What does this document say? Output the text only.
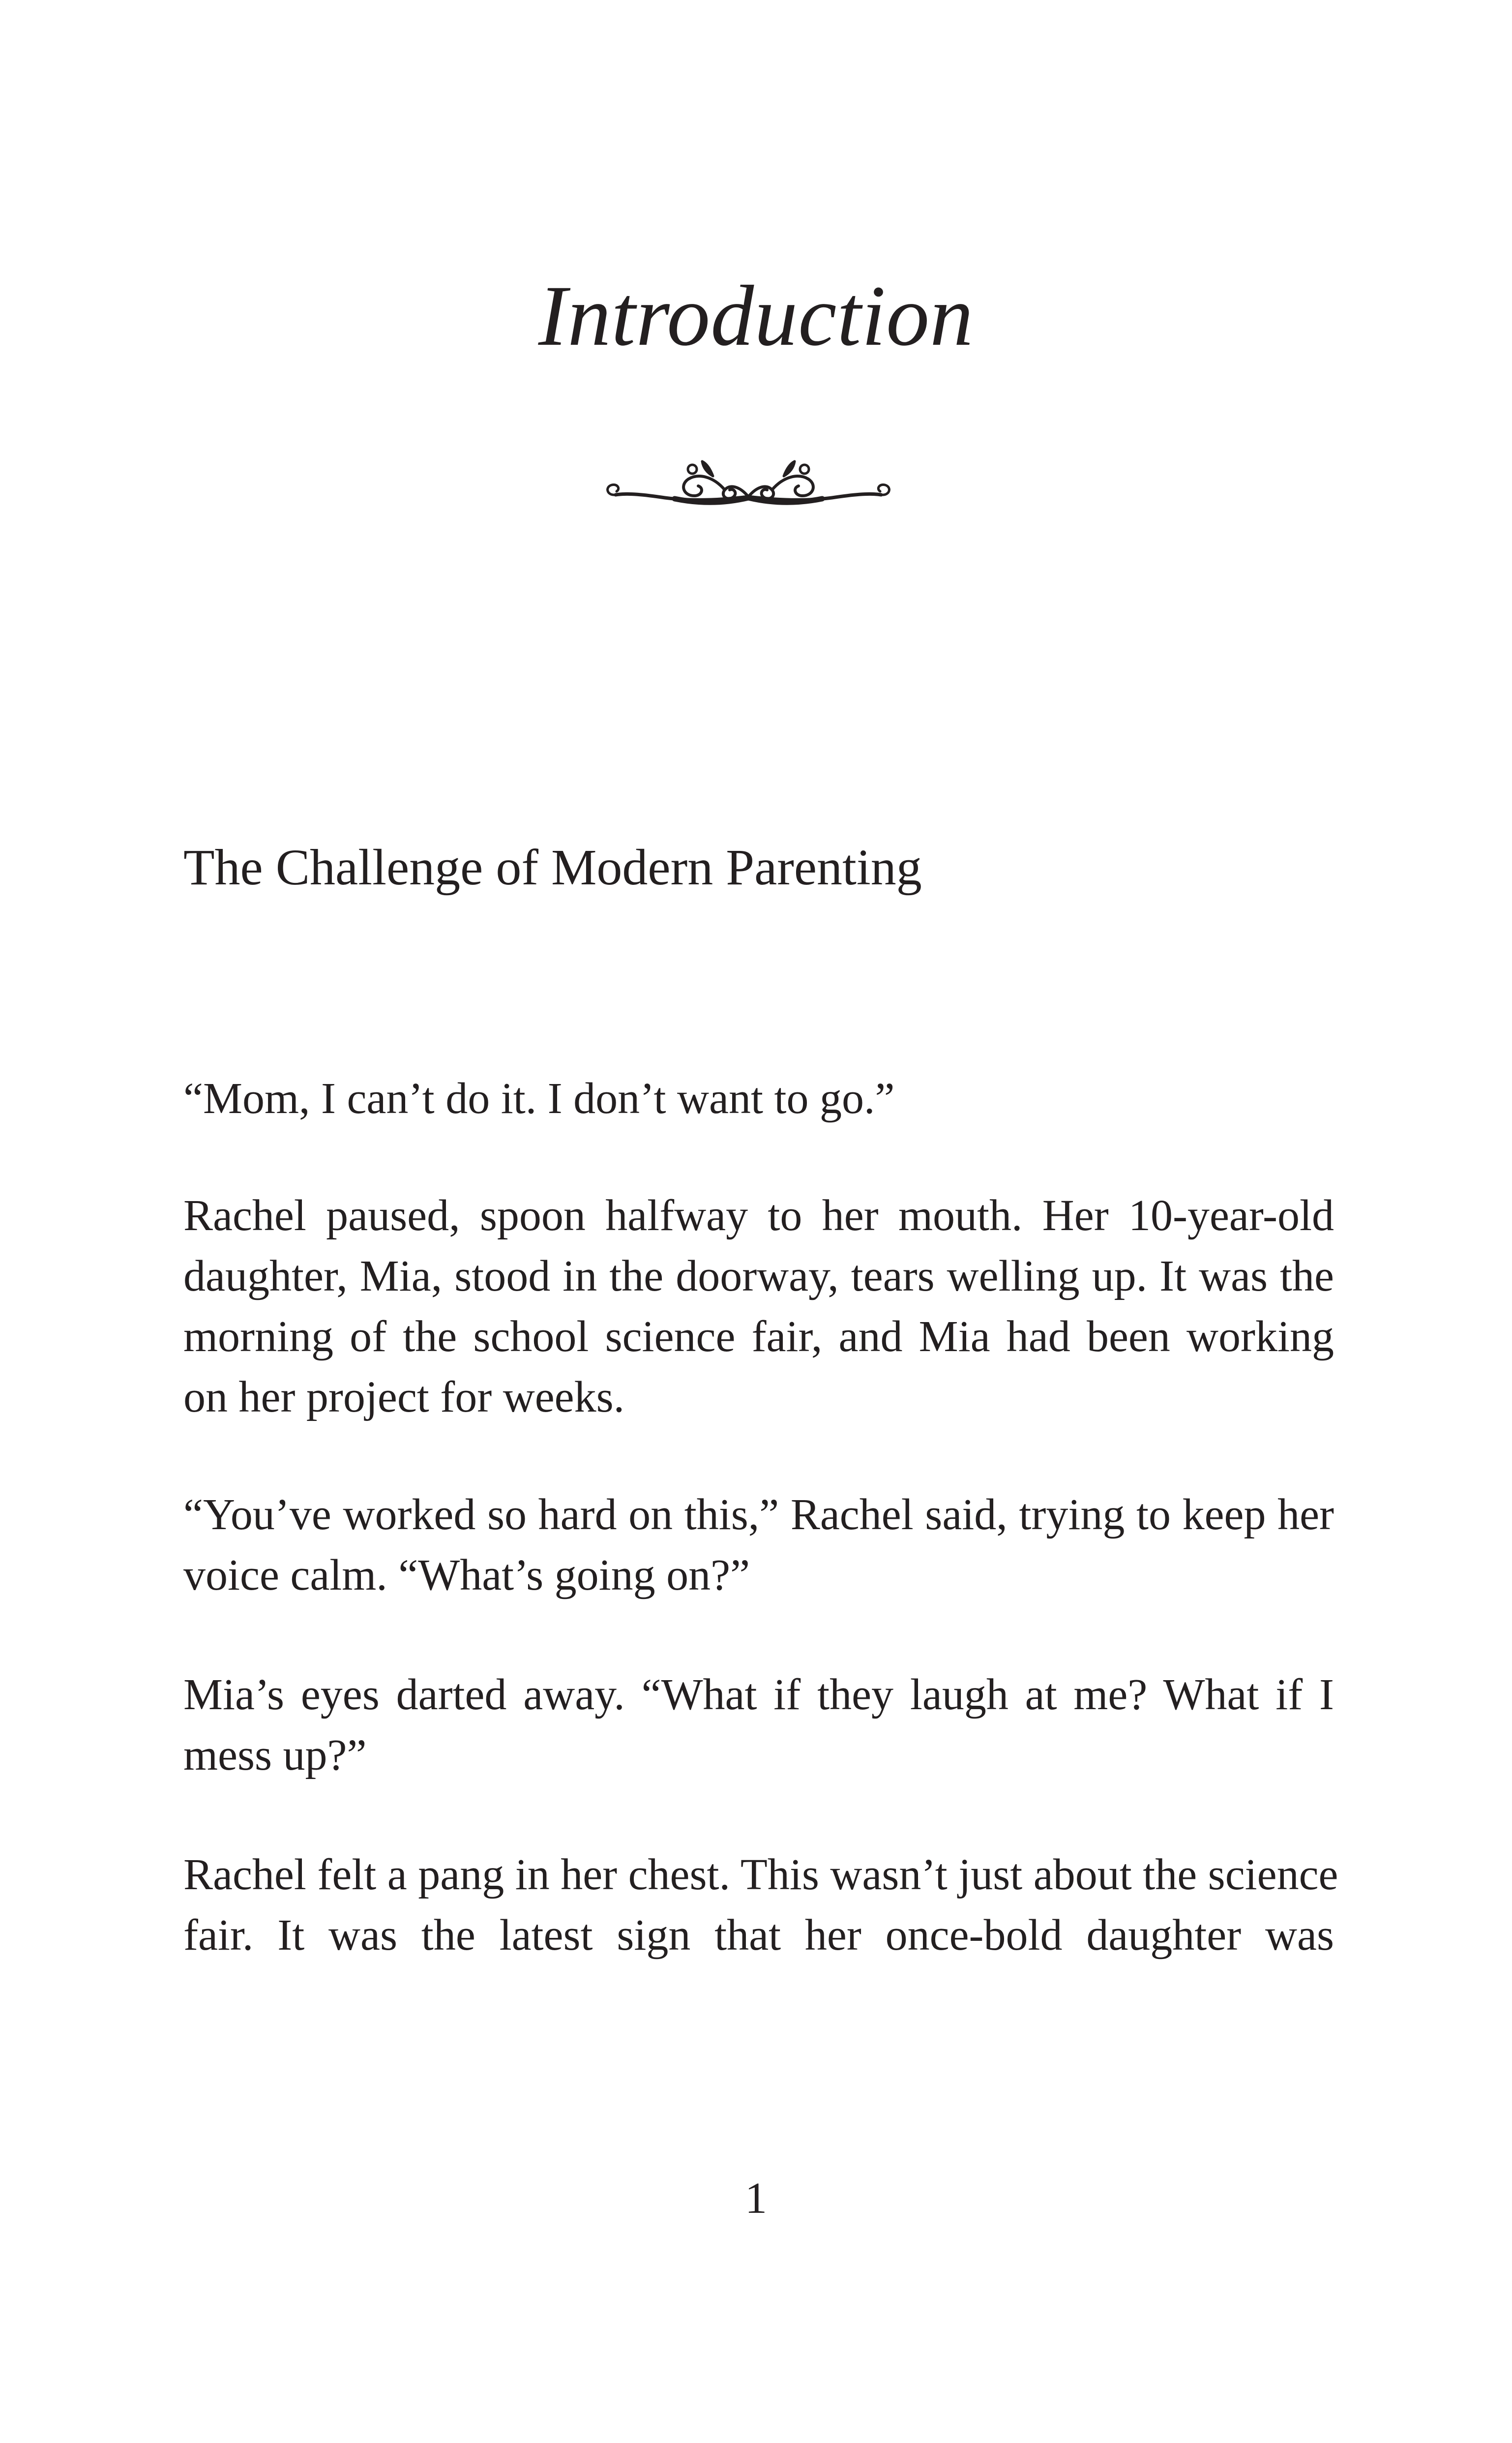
Introduction
The Challenge of Modern Parenting

“Mom, I can’t do it. I don’t want to go.”

Rachel paused, spoon halfway to her mouth. Her 10-year-old
daughter, Mia, stood in the doorway, tears welling up. It was the
morning of the school science fair, and Mia had been working
on her project for weeks.

“You’ve worked so hard on this,” Rachel said, trying to keep her
voice calm. “What’s going on?”

Mia’s eyes darted away. “What if they laugh at me? What if I
mess up?”

Rachel felt a pang in her chest. This wasn’t just about the science
fair. It was the latest sign that her once-bold daughter was

1
